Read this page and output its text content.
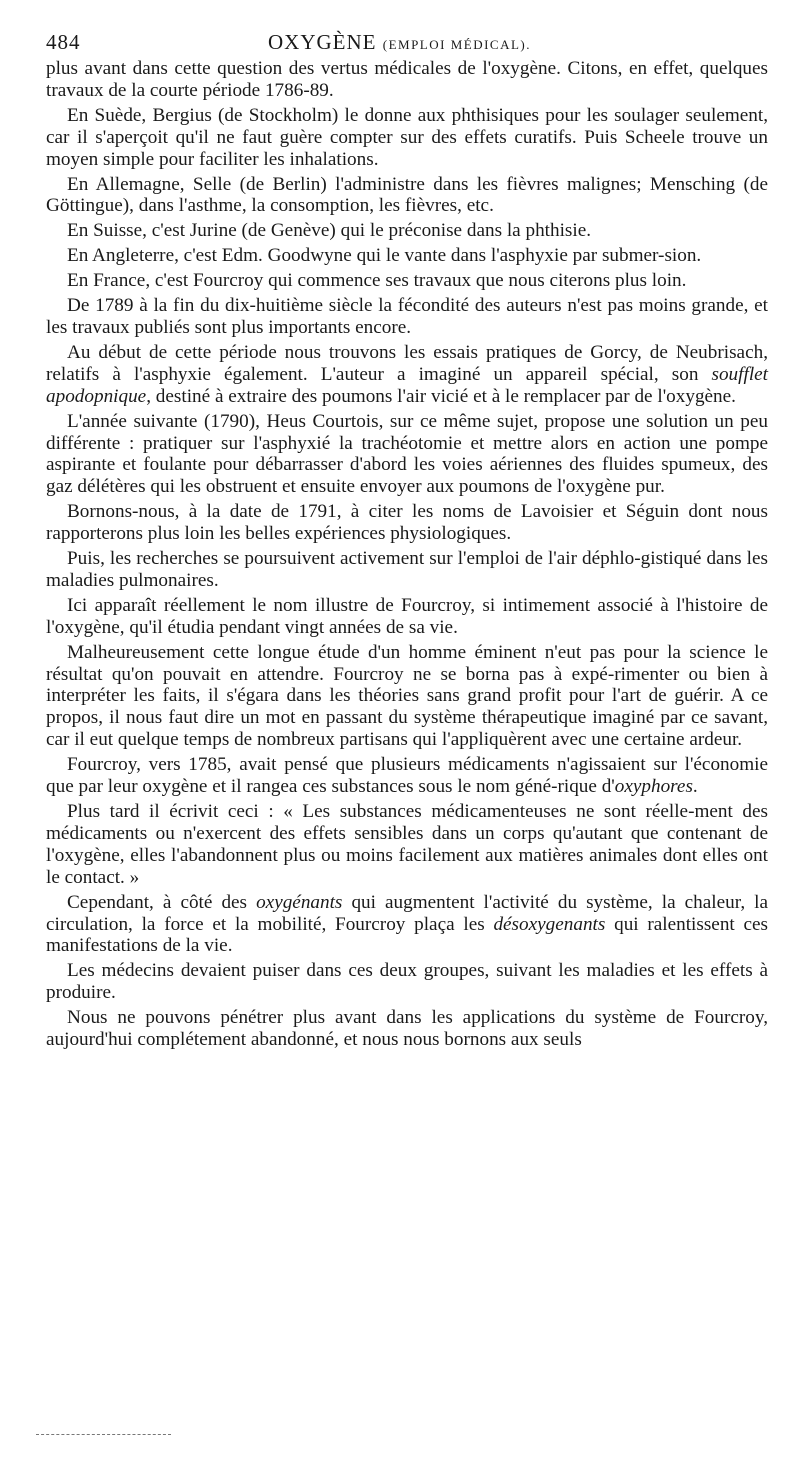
484	OXYGÈNE (EMPLOI MÉDICAL).

plus avant dans cette question des vertus médicales de l'oxygène. Citons, en effet, quelques travaux de la courte période 1786-89.

En Suède, Bergius (de Stockholm) le donne aux phthisiques pour les soulager seulement, car il s'aperçoit qu'il ne faut guère compter sur des effets curatifs. Puis Scheele trouve un moyen simple pour faciliter les inhalations.

En Allemagne, Selle (de Berlin) l'administre dans les fièvres malignes; Mensching (de Göttingue), dans l'asthme, la consomption, les fièvres, etc.

En Suisse, c'est Jurine (de Genève) qui le préconise dans la phthisie.

En Angleterre, c'est Edm. Goodwyne qui le vante dans l'asphyxie par submer-sion.

En France, c'est Fourcroy qui commence ses travaux que nous citerons plus loin.

De 1789 à la fin du dix-huitième siècle la fécondité des auteurs n'est pas moins grande, et les travaux publiés sont plus importants encore.

Au début de cette période nous trouvons les essais pratiques de Gorcy, de Neubrisach, relatifs à l'asphyxie également. L'auteur a imaginé un appareil spécial, son soufflet apodopnique, destiné à extraire des poumons l'air vicié et à le remplacer par de l'oxygène.

L'année suivante (1790), Heus Courtois, sur ce même sujet, propose une solution un peu différente : pratiquer sur l'asphyxié la trachéotomie et mettre alors en action une pompe aspirante et foulante pour débarrasser d'abord les voies aériennes des fluides spumeux, des gaz délétères qui les obstruent et ensuite envoyer aux poumons de l'oxygène pur.

Bornons-nous, à la date de 1791, à citer les noms de Lavoisier et Séguin dont nous rapporterons plus loin les belles expériences physiologiques.

Puis, les recherches se poursuivent activement sur l'emploi de l'air déphlo-gistiqué dans les maladies pulmonaires.

Ici apparaît réellement le nom illustre de Fourcroy, si intimement associé à l'histoire de l'oxygène, qu'il étudia pendant vingt années de sa vie.

Malheureusement cette longue étude d'un homme éminent n'eut pas pour la science le résultat qu'on pouvait en attendre. Fourcroy ne se borna pas à expé-rimenter ou bien à interpréter les faits, il s'égara dans les théories sans grand profit pour l'art de guérir. A ce propos, il nous faut dire un mot en passant du système thérapeutique imaginé par ce savant, car il eut quelque temps de nombreux partisans qui l'appliquèrent avec une certaine ardeur.

Fourcroy, vers 1785, avait pensé que plusieurs médicaments n'agissaient sur l'économie que par leur oxygène et il rangea ces substances sous le nom géné-rique d'oxyphores.

Plus tard il écrivit ceci : « Les substances médicamenteuses ne sont réelle-ment des médicaments ou n'exercent des effets sensibles dans un corps qu'autant que contenant de l'oxygène, elles l'abandonnent plus ou moins facilement aux matières animales dont elles ont le contact. »

Cependant, à côté des oxygénants qui augmentent l'activité du système, la chaleur, la circulation, la force et la mobilité, Fourcroy plaça les désoxygenants qui ralentissent ces manifestations de la vie.

Les médecins devaient puiser dans ces deux groupes, suivant les maladies et les effets à produire.

Nous ne pouvons pénétrer plus avant dans les applications du système de Fourcroy, aujourd'hui complétement abandonné, et nous nous bornons aux seuls
